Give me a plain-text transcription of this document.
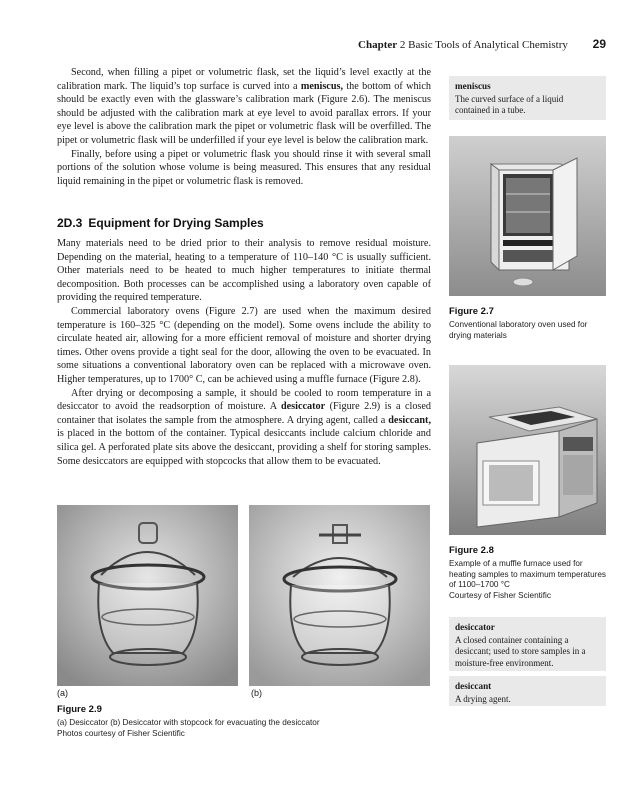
Chapter 2 Basic Tools of Analytical Chemistry 29

Second, when filling a pipet or volumetric flask, set the liquid’s level exactly at the calibration mark. The liquid’s top surface is curved into a meniscus, the bottom of which should be exactly even with the glassware’s calibration mark (Figure 2.6). The meniscus should be adjusted with the calibration mark at eye level to avoid parallax errors. If your eye level is above the calibration mark the pipet or volumetric flask will be overfilled. The pipet or volumetric flask will be underfilled if your eye level is below the calibration mark.

Finally, before using a pipet or volumetric flask you should rinse it with several small portions of the solution whose volume is being measured. This ensures that any residual liquid remaining in the pipet or volumetric flask is removed.

2D.3 Equipment for Drying Samples

Many materials need to be dried prior to their analysis to remove residual moisture. Depending on the material, heating to a temperature of 110–140 °C is usually sufficient. Other materials need to be heated to much higher temperatures to initiate thermal decomposition. Both processes can be accomplished using a laboratory oven capable of providing the required temperature.

Commercial laboratory ovens (Figure 2.7) are used when the maximum desired temperature is 160–325 °C (depending on the model). Some ovens include the ability to circulate heated air, allowing for a more efficient removal of moisture and shorter drying times. Other ovens provide a tight seal for the door, allowing the oven to be evacuated. In some situations a conventional laboratory oven can be replaced with a microwave oven. Higher temperatures, up to 1700° C, can be achieved using a muffle furnace (Figure 2.8).

After drying or decomposing a sample, it should be cooled to room temperature in a desiccator to avoid the readsorption of moisture. A desiccator (Figure 2.9) is a closed container that isolates the sample from the atmosphere. A drying agent, called a desiccant, is placed in the bottom of the container. Typical desiccants include calcium chloride and silica gel. A perforated plate sits above the desiccant, providing a shelf for storing samples. Some desiccators are equipped with stopcocks that allow them to be evacuated.

meniscus
The curved surface of a liquid contained in a tube.
Figure 2.7
Conventional laboratory oven used for drying materials
Figure 2.8
Example of a muffle furnace used for heating samples to maximum temperatures of 1100–1700 °C
Courtesy of Fisher Scientific
desiccator
A closed container containing a desiccant; used to store samples in a moisture-free environment.
desiccant
A drying agent.
(a)	(b)
Figure 2.9
(a) Desiccator (b) Desiccator with stopcock for evacuating the desiccator
Photos courtesy of Fisher Scientific
